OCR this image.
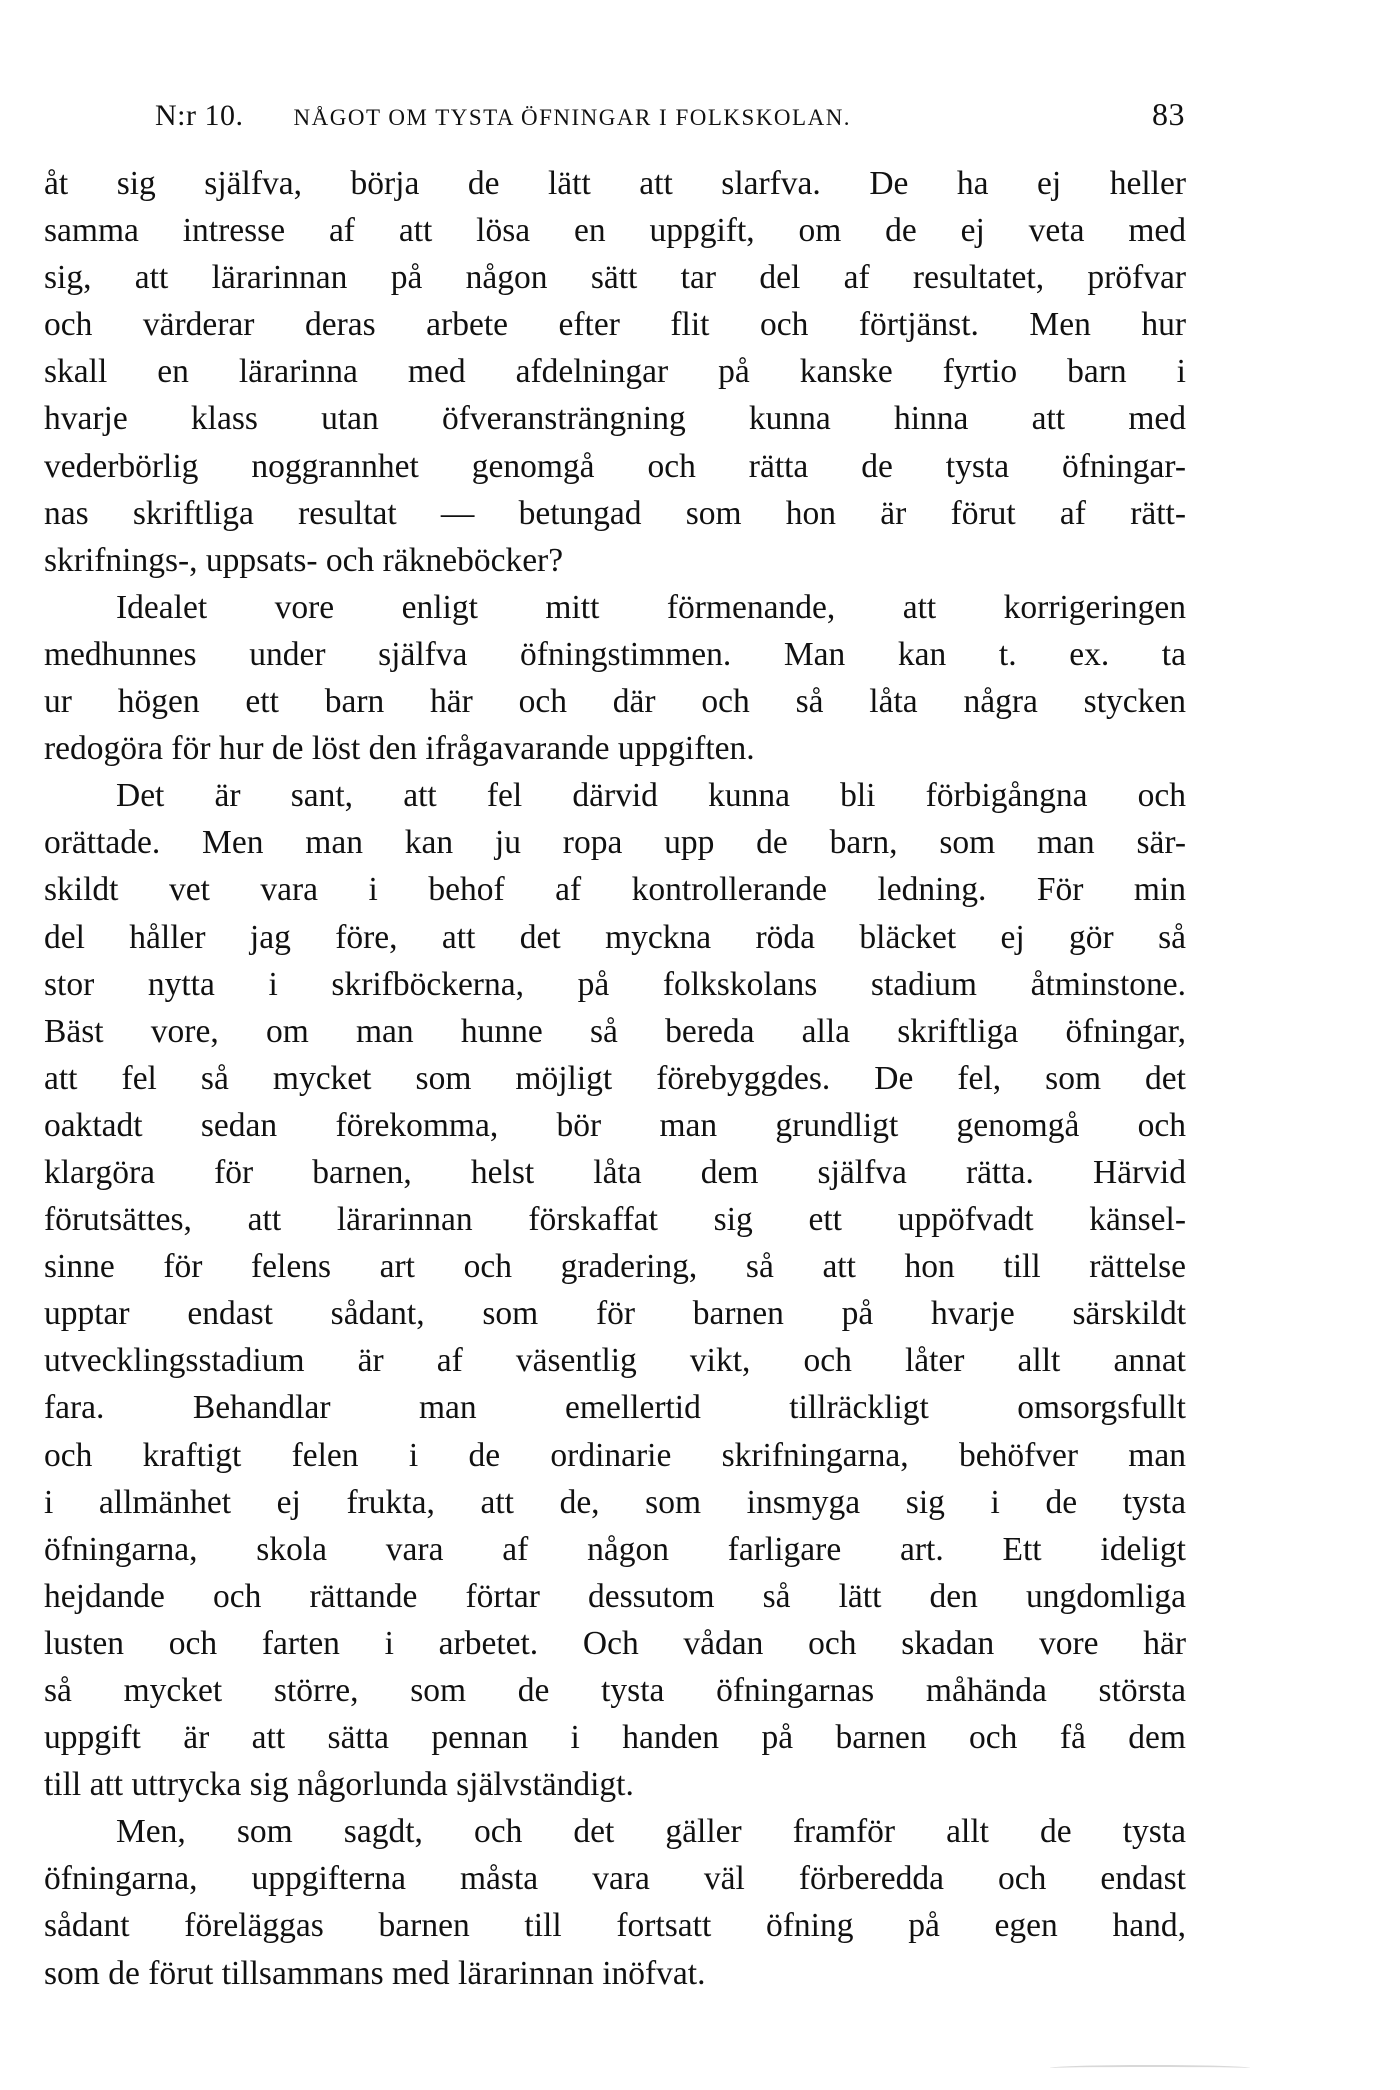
N:r 10. NÅGOT OM TYSTA ÖFNINGAR I FOLKSKOLAN.	83
åt sig själfva, börja de lätt att slarfva. De ha ej heller
samma intresse af att lösa en uppgift, om de ej veta med
sig, att lärarinnan på någon sätt tar del af resultatet, pröfvar
och värderar deras arbete efter flit och förtjänst. Men hur
skall en lärarinna med afdelningar på kanske fyrtio barn i
hvarje klass utan öfveransträngning kunna hinna att med
vederbörlig noggrannhet genomgå och rätta de tysta öfningar-
nas skriftliga resultat — betungad som hon är förut af rätt-
skrifnings-, uppsats- och räkneböcker?
Idealet vore enligt mitt förmenande, att korrigeringen
medhunnes under själfva öfningstimmen. Man kan t. ex. ta
ur högen ett barn här och där och så låta några stycken
redogöra för hur de löst den ifrågavarande uppgiften.
Det är sant, att fel därvid kunna bli förbigångna och
orättade. Men man kan ju ropa upp de barn, som man sär-
skildt vet vara i behof af kontrollerande ledning. För min
del håller jag före, att det myckna röda bläcket ej gör så
stor nytta i skrifböckerna, på folkskolans stadium åtminstone.
Bäst vore, om man hunne så bereda alla skriftliga öfningar,
att fel så mycket som möjligt förebyggdes. De fel, som det
oaktadt sedan förekomma, bör man grundligt genomgå och
klargöra för barnen, helst låta dem själfva rätta. Härvid
förutsättes, att lärarinnan förskaffat sig ett uppöfvadt känsel-
sinne för felens art och gradering, så att hon till rättelse
upptar endast sådant, som för barnen på hvarje särskildt
utvecklingsstadium är af väsentlig vikt, och låter allt annat
fara. Behandlar man emellertid tillräckligt omsorgsfullt
och kraftigt felen i de ordinarie skrifningarna, behöfver man
i allmänhet ej frukta, att de, som insmyga sig i de tysta
öfningarna, skola vara af någon farligare art. Ett ideligt
hejdande och rättande förtar dessutom så lätt den ungdomliga
lusten och farten i arbetet. Och vådan och skadan vore här
så mycket större, som de tysta öfningarnas måhända största
uppgift är att sätta pennan i handen på barnen och få dem
till att uttrycka sig någorlunda självständigt.
Men, som sagdt, och det gäller framför allt de tysta
öfningarna, uppgifterna måsta vara väl förberedda och endast
sådant föreläggas barnen till fortsatt öfning på egen hand,
som de förut tillsammans med lärarinnan inöfvat.
